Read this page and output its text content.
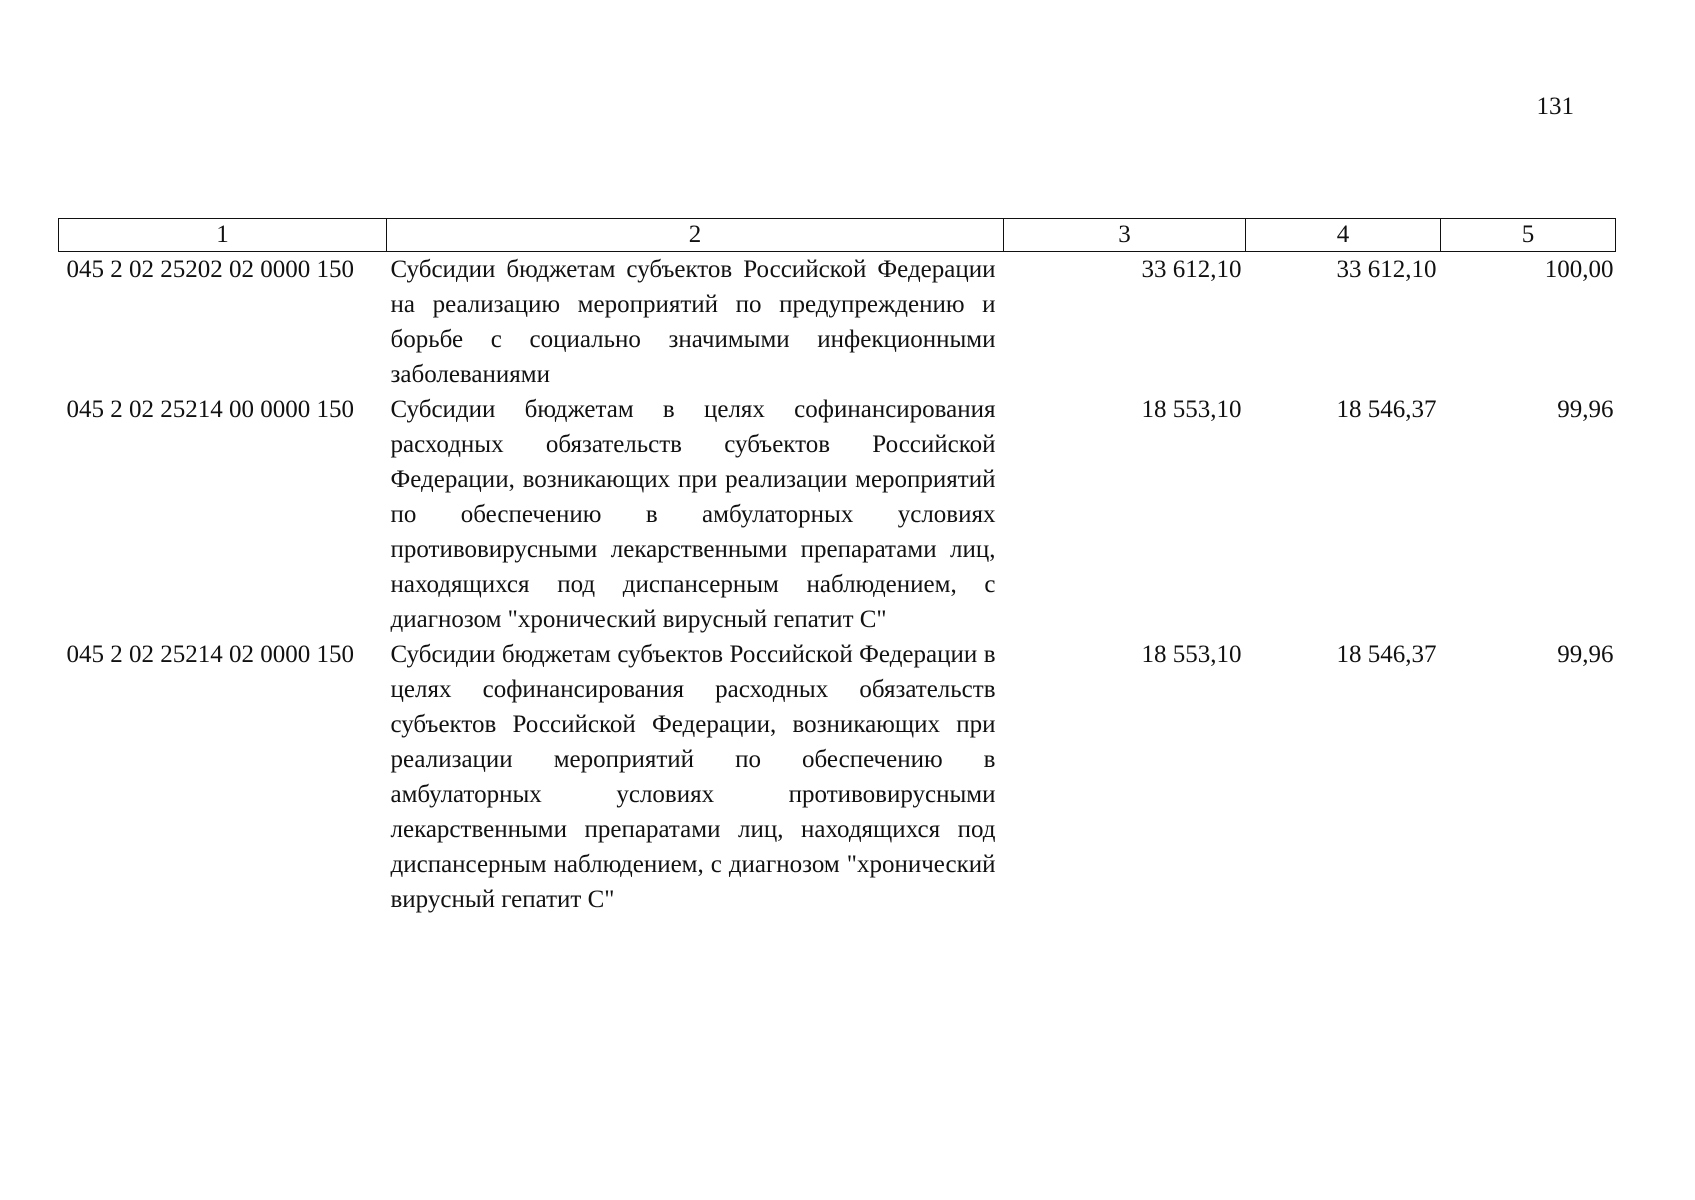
131
1	2	3	4	5
045 2 02 25202 02 0000 150	Субсидии бюджетам субъектов Российской Федерации на реализацию мероприятий по предупреждению и борьбе с социально значимыми инфекционными заболеваниями	33 612,10	33 612,10	100,00
045 2 02 25214 00 0000 150	Субсидии бюджетам в целях софинансирования расходных обязательств субъектов Российской Федерации, возникающих при реализации мероприятий по обеспечению в амбулаторных условиях противовирусными лекарственными препаратами лиц, находящихся под диспансерным наблюдением, с диагнозом "хронический вирусный гепатит С"	18 553,10	18 546,37	99,96
045 2 02 25214 02 0000 150	Субсидии бюджетам субъектов Российской Федерации в целях софинансирования расходных обязательств субъектов Российской Федерации, возникающих при реализации мероприятий по обеспечению в амбулаторных условиях противовирусными лекарственными препаратами лиц, находящихся под диспансерным наблюдением, с диагнозом "хронический вирусный гепатит С"	18 553,10	18 546,37	99,96
